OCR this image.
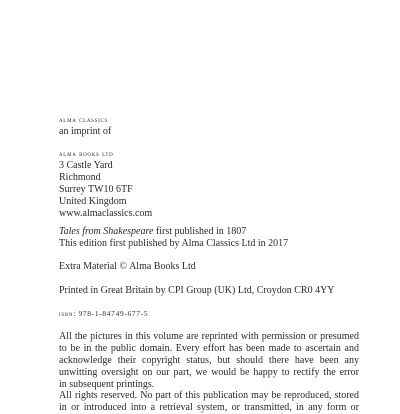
alma classics
an imprint of
alma books ltd
3 Castle Yard
Richmond
Surrey TW10 6TF
United Kingdom
www.almaclassics.com
Tales from Shakespeare first published in 1807
This edition first published by Alma Classics Ltd in 2017
Extra Material © Alma Books Ltd
Printed in Great Britain by CPI Group (UK) Ltd, Croydon CR0 4YY
isbn: 978-1-84749-677-5
All the pictures in this volume are reprinted with permission or presumed
to be in the public domain. Every effort has been made to ascertain and
acknowledge their copyright status, but should there have been any
unwitting oversight on our part, we would be happy to rectify the error
in subsequent printings.
All rights reserved. No part of this publication may be reproduced, stored
in or introduced into a retrieval system, or transmitted, in any form or
